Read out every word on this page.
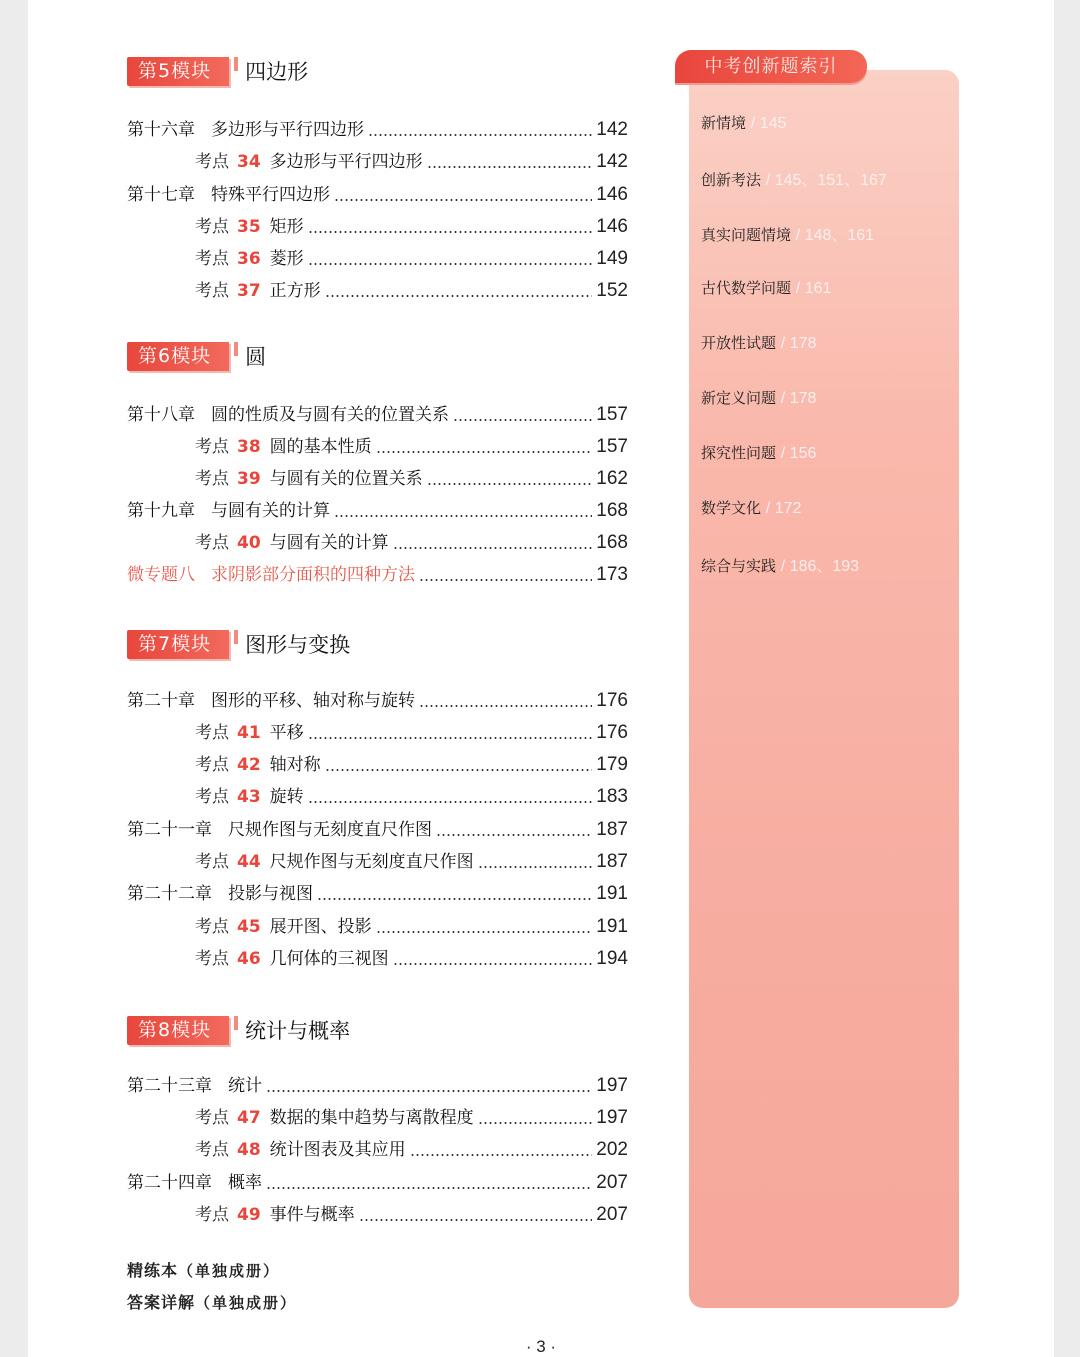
第5模块	四边形
第十六章 多边形与平行四边形	142
考点 34 多边形与平行四边形	142
第十七章 特殊平行四边形	146
考点 35 矩形	146
考点 36 菱形	149
考点 37 正方形	152
第6模块	圆
第十八章 圆的性质及与圆有关的位置关系	157
考点 38 圆的基本性质	157
考点 39 与圆有关的位置关系	162
第十九章 与圆有关的计算	168
考点 40 与圆有关的计算	168
微专题八 求阴影部分面积的四种方法	173
第7模块	图形与变换
第二十章 图形的平移、轴对称与旋转	176
考点 41 平移	176
考点 42 轴对称	179
考点 43 旋转	183
第二十一章 尺规作图与无刻度直尺作图	187
考点 44 尺规作图与无刻度直尺作图	187
第二十二章 投影与视图	191
考点 45 展开图、投影	191
考点 46 几何体的三视图	194
第8模块	统计与概率
第二十三章 统计	197
考点 47 数据的集中趋势与离散程度	197
考点 48 统计图表及其应用	202
第二十四章 概率	207
考点 49 事件与概率	207
精练本（单独成册）
答案详解（单独成册）
中考创新题索引
新情境 / 145
创新考法 / 145、151、167
真实问题情境 / 148、161
古代数学问题 / 161
开放性试题 / 178
新定义问题 / 178
探究性问题 / 156
数学文化 / 172
综合与实践 / 186、193
· 3 ·
